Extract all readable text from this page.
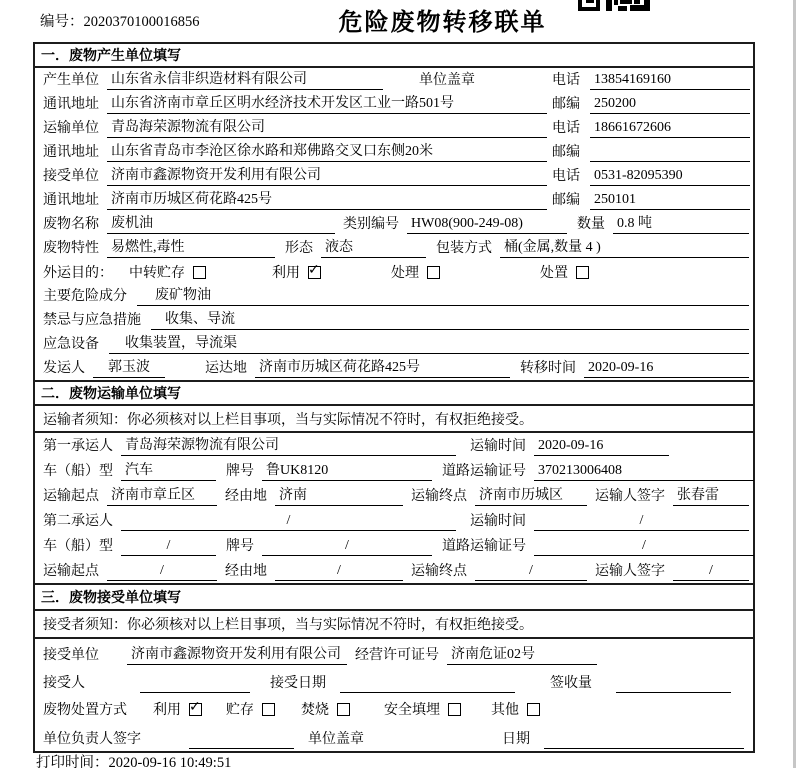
编号：2020370100016856	危险废物转移联单
一．废物产生单位填写
产生单位 山东省永信非织造材料有限公司	单位盖章	电话 13854169160
通讯地址 山东省济南市章丘区明水经济技术开发区工业一路501号	邮编 250200
运输单位 青岛海荣源物流有限公司	电话 18661672606
通讯地址 山东省青岛市李沧区徐水路和郑佛路交叉口东侧20米	邮编
接受单位 济南市鑫源物资开发利用有限公司	电话 0531-82095390
通讯地址 济南市历城区荷花路425号	邮编 250101
废物名称 废机油	类别编号 HW08(900-249-08)	数量 0.8 吨
废物特性 易燃性,毒性	形态 液态	包装方式 桶(金属,数量 4 )
外运目的： 中转贮存	利用 ✓	处理	处置
主要危险成分	废矿物油
禁忌与应急措施	收集、导流
应急设备	收集装置，导流渠
发运人	郭玉波	运达地 济南市历城区荷花路425号	转移时间 2020-09-16
二．废物运输单位填写
运输者须知：你必须核对以上栏目事项，当与实际情况不符时，有权拒绝接受。
第一承运人 青岛海荣源物流有限公司	运输时间 2020-09-16
车（船）型 汽车	牌号 鲁UK8120	道路运输证号 370213006408
运输起点 济南市章丘区	经由地 济南	运输终点 济南市历城区	运输人签字 张春雷
第二承运人	/	运输时间	/
车（船）型	/	牌号	/	道路运输证号	/
运输起点	/	经由地	/	运输终点	/	运输人签字	/
三．废物接受单位填写
接受者须知：你必须核对以上栏目事项，当与实际情况不符时，有权拒绝接受。
接受单位 济南市鑫源物资开发利用有限公司	经营许可证号 济南危证02号
接受人	接受日期	签收量
废物处置方式 利用 ✓	贮存	焚烧	安全填埋	其他
单位负责人签字	单位盖章	日期
打印时间：2020-09-16 10:49:51
